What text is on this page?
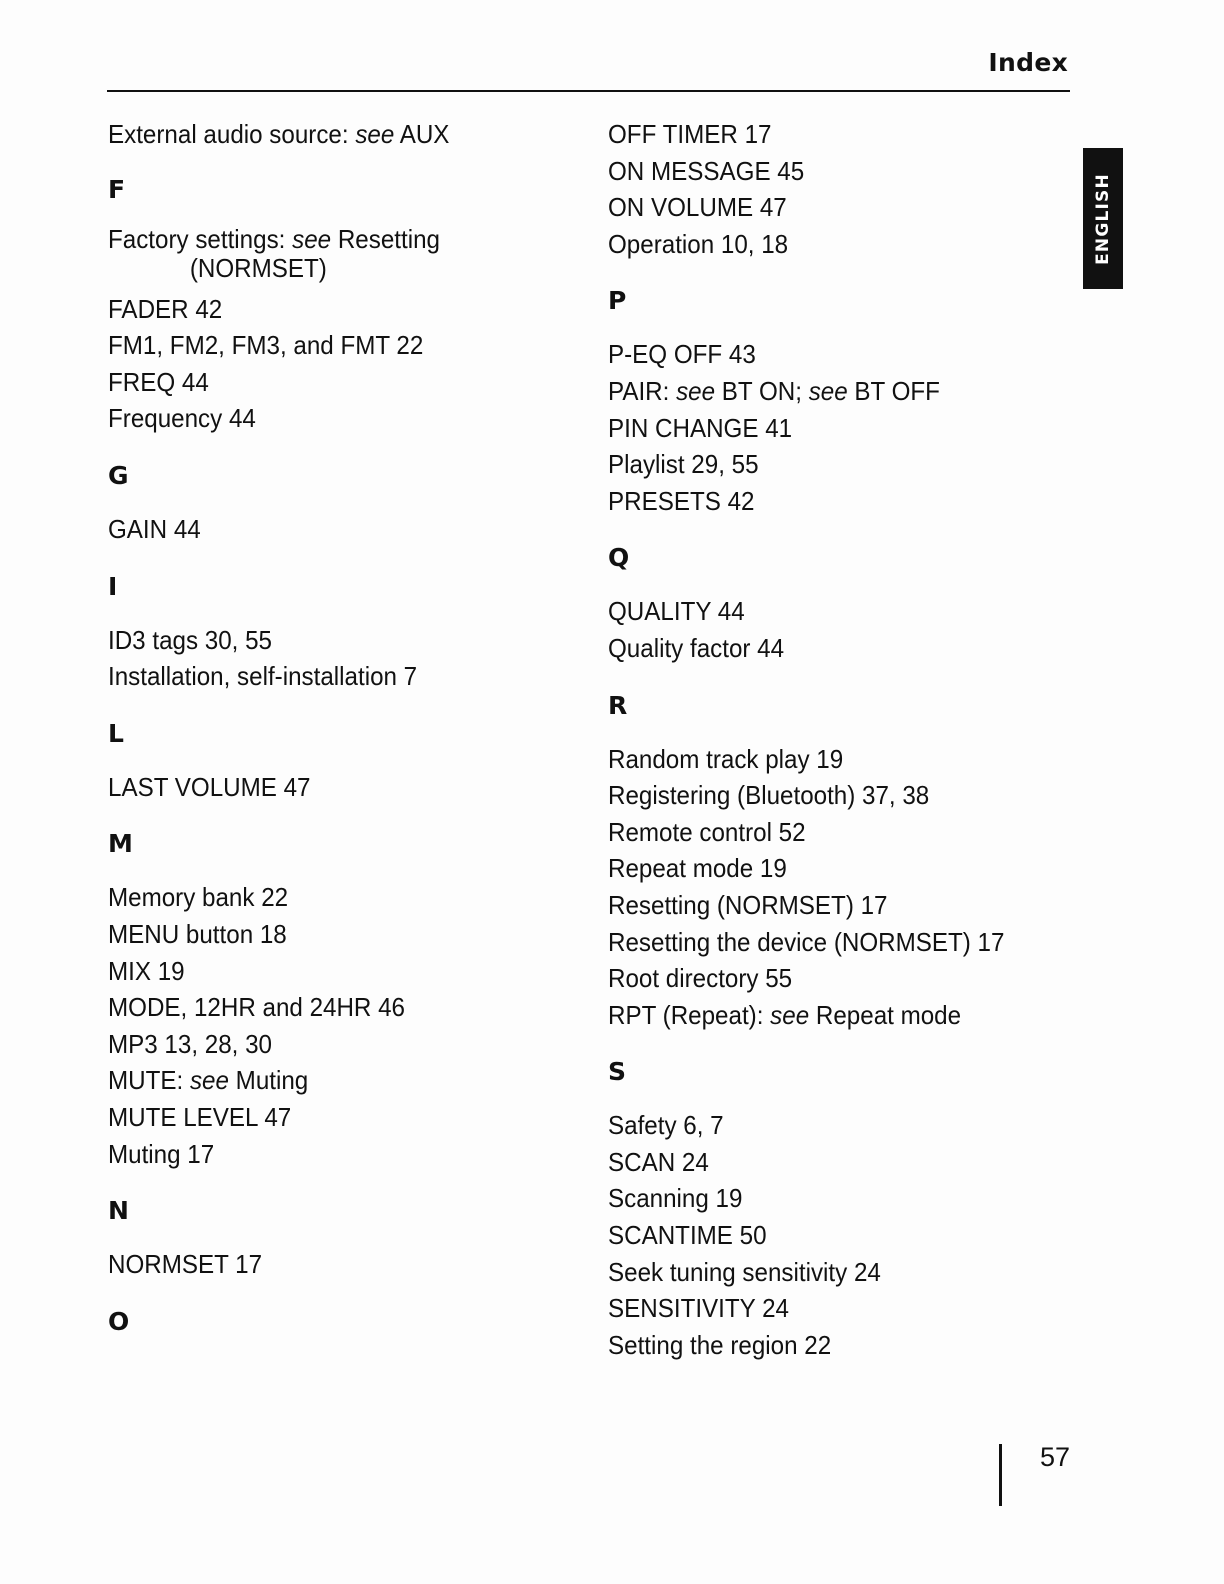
Index
ENGLISH
External audio source: see AUX
F
Factory settings: see Resetting
(NORMSET)
FADER 42
FM1, FM2, FM3, and FMT 22
FREQ 44
Frequency 44
G
GAIN 44
I
ID3 tags 30, 55
Installation, self-installation 7
L
LAST VOLUME 47
M
Memory bank 22
MENU button 18
MIX 19
MODE, 12HR and 24HR 46
MP3 13, 28, 30
MUTE: see Muting
MUTE LEVEL 47
Muting 17
N
NORMSET 17
O
OFF TIMER 17
ON MESSAGE 45
ON VOLUME 47
Operation 10, 18
P
P-EQ OFF 43
PAIR: see BT ON; see BT OFF
PIN CHANGE 41
Playlist 29, 55
PRESETS 42
Q
QUALITY 44
Quality factor 44
R
Random track play 19
Registering (Bluetooth) 37, 38
Remote control 52
Repeat mode 19
Resetting (NORMSET) 17
Resetting the device (NORMSET) 17
Root directory 55
RPT (Repeat): see Repeat mode
S
Safety 6, 7
SCAN 24
Scanning 19
SCANTIME 50
Seek tuning sensitivity 24
SENSITIVITY 24
Setting the region 22
57
